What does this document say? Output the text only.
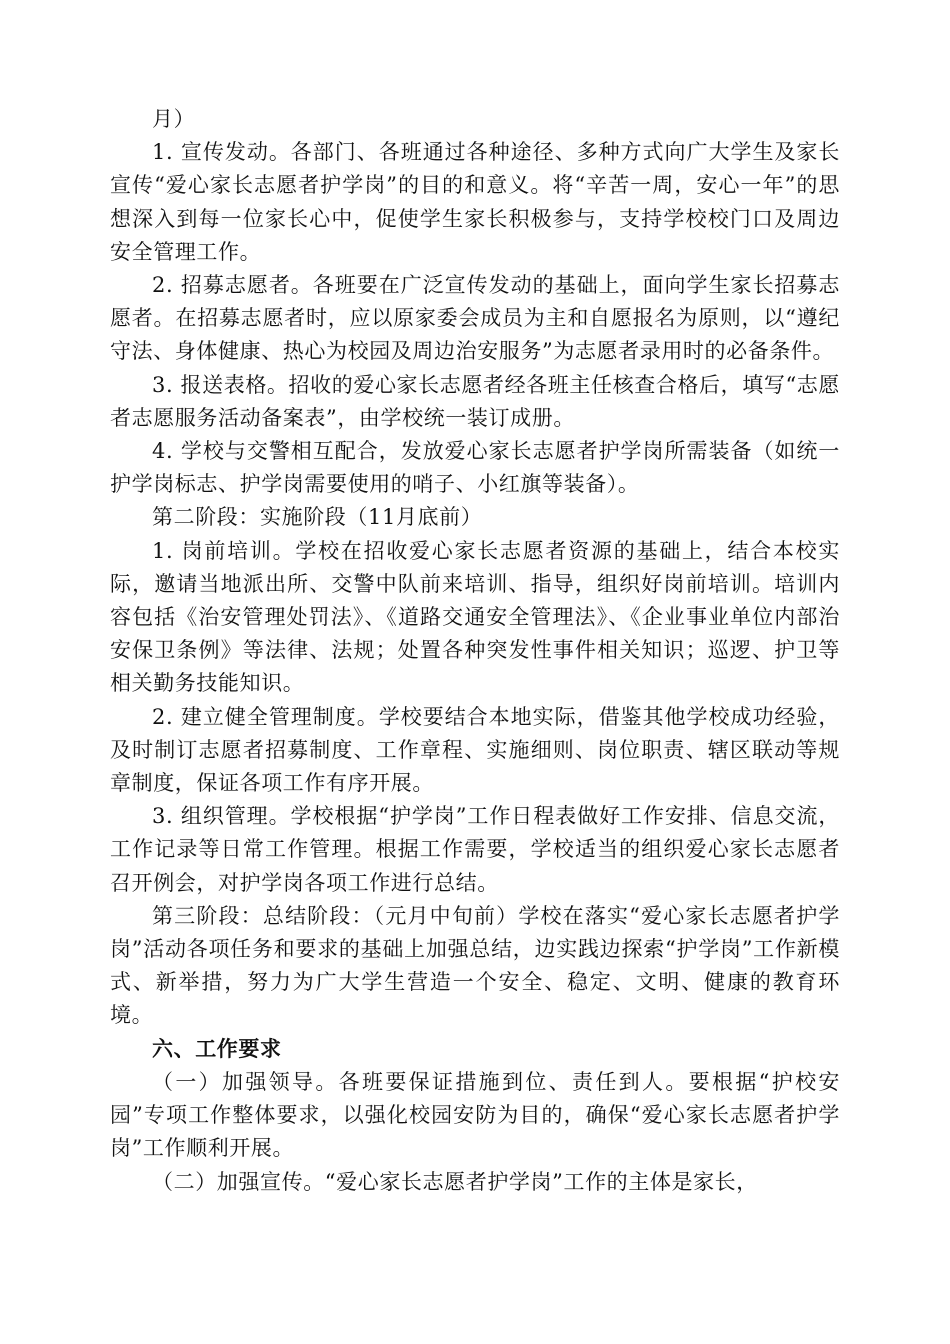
月）

1. 宣传发动。各部门、各班通过各种途径、多种方式向广大学生及家长宣传“爱心家长志愿者护学岗”的目的和意义。将“辛苦一周，安心一年”的思想深入到每一位家长心中，促使学生家长积极参与，支持学校校门口及周边安全管理工作。

2. 招募志愿者。各班要在广泛宣传发动的基础上，面向学生家长招募志愿者。在招募志愿者时，应以原家委会成员为主和自愿报名为原则，以“遵纪守法、身体健康、热心为校园及周边治安服务”为志愿者录用时的必备条件。

3. 报送表格。招收的爱心家长志愿者经各班主任核查合格后，填写“志愿者志愿服务活动备案表”，由学校统一装订成册。

4. 学校与交警相互配合，发放爱心家长志愿者护学岗所需装备（如统一护学岗标志、护学岗需要使用的哨子、小红旗等装备）。

第二阶段：实施阶段（11月底前）

1. 岗前培训。学校在招收爱心家长志愿者资源的基础上，结合本校实际，邀请当地派出所、交警中队前来培训、指导，组织好岗前培训。培训内容包括《治安管理处罚法》、《道路交通安全管理法》、《企业事业单位内部治安保卫条例》等法律、法规；处置各种突发性事件相关知识；巡逻、护卫等相关勤务技能知识。

2. 建立健全管理制度。学校要结合本地实际，借鉴其他学校成功经验，及时制订志愿者招募制度、工作章程、实施细则、岗位职责、辖区联动等规章制度，保证各项工作有序开展。

3. 组织管理。学校根据“护学岗”工作日程表做好工作安排、信息交流，工作记录等日常工作管理。根据工作需要，学校适当的组织爱心家长志愿者召开例会，对护学岗各项工作进行总结。

第三阶段：总结阶段：（元月中旬前）学校在落实“爱心家长志愿者护学岗”活动各项任务和要求的基础上加强总结，边实践边探索“护学岗”工作新模式、新举措，努力为广大学生营造一个安全、稳定、文明、健康的教育环境。

六、工作要求

（一）加强领导。各班要保证措施到位、责任到人。要根据“护校安园”专项工作整体要求，以强化校园安防为目的，确保“爱心家长志愿者护学岗”工作顺利开展。

（二）加强宣传。“爱心家长志愿者护学岗”工作的主体是家长，
